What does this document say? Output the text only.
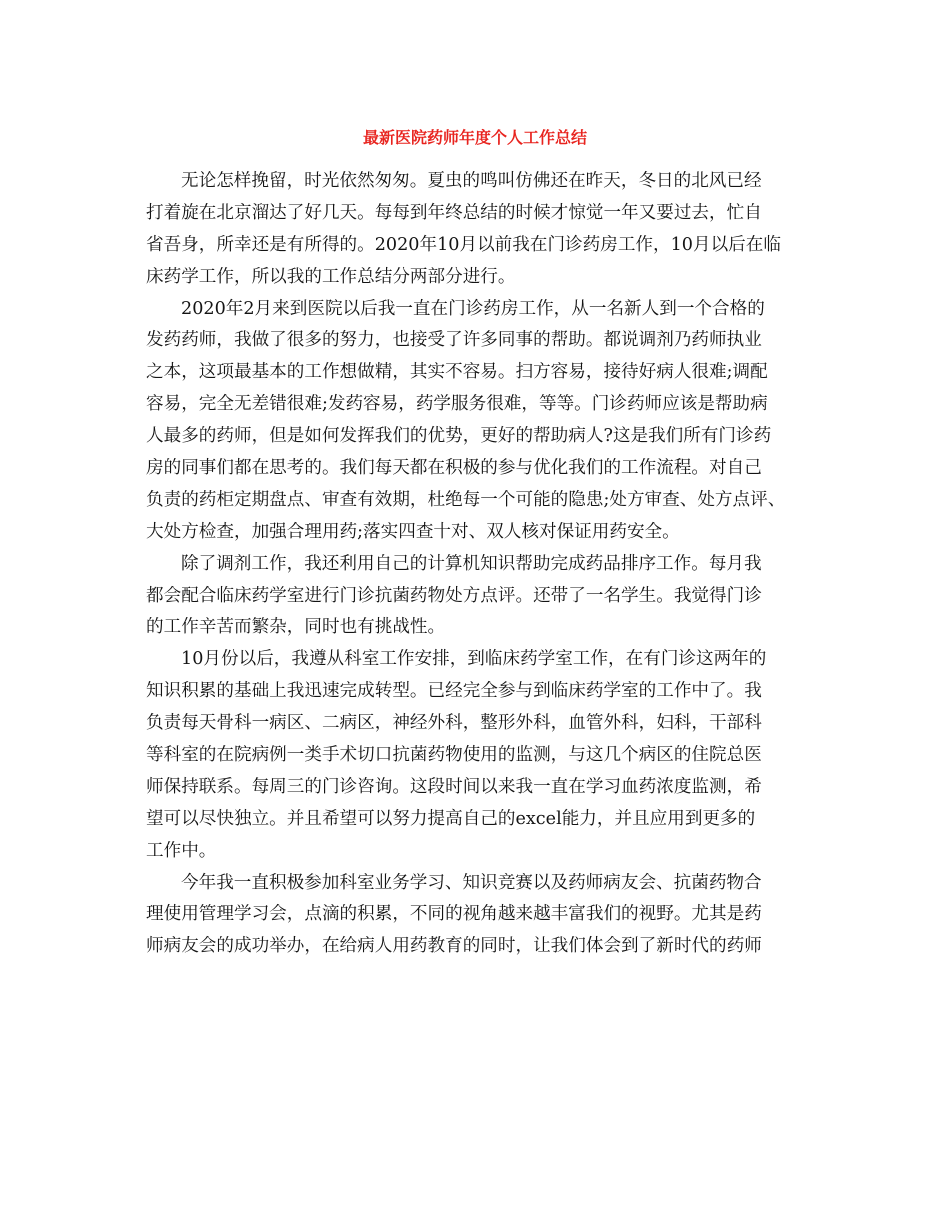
最新医院药师年度个人工作总结
无论怎样挽留，时光依然匆匆。夏虫的鸣叫仿佛还在昨天，冬日的北风已经
打着旋在北京溜达了好几天。每每到年终总结的时候才惊觉一年又要过去，忙自
省吾身，所幸还是有所得的。2020年10月以前我在门诊药房工作，10月以后在临
床药学工作，所以我的工作总结分两部分进行。
2020年2月来到医院以后我一直在门诊药房工作，从一名新人到一个合格的
发药药师，我做了很多的努力，也接受了许多同事的帮助。都说调剂乃药师执业
之本，这项最基本的工作想做精，其实不容易。扫方容易，接待好病人很难;调配
容易，完全无差错很难;发药容易，药学服务很难，等等。门诊药师应该是帮助病
人最多的药师，但是如何发挥我们的优势，更好的帮助病人?这是我们所有门诊药
房的同事们都在思考的。我们每天都在积极的参与优化我们的工作流程。对自己
负责的药柜定期盘点、审查有效期，杜绝每一个可能的隐患;处方审查、处方点评、
大处方检查，加强合理用药;落实四查十对、双人核对保证用药安全。
除了调剂工作，我还利用自己的计算机知识帮助完成药品排序工作。每月我
都会配合临床药学室进行门诊抗菌药物处方点评。还带了一名学生。我觉得门诊
的工作辛苦而繁杂，同时也有挑战性。
10月份以后，我遵从科室工作安排，到临床药学室工作，在有门诊这两年的
知识积累的基础上我迅速完成转型。已经完全参与到临床药学室的工作中了。我
负责每天骨科一病区、二病区，神经外科，整形外科，血管外科，妇科，干部科
等科室的在院病例一类手术切口抗菌药物使用的监测，与这几个病区的住院总医
师保持联系。每周三的门诊咨询。这段时间以来我一直在学习血药浓度监测，希
望可以尽快独立。并且希望可以努力提高自己的excel能力，并且应用到更多的
工作中。
今年我一直积极参加科室业务学习、知识竞赛以及药师病友会、抗菌药物合
理使用管理学习会，点滴的积累，不同的视角越来越丰富我们的视野。尤其是药
师病友会的成功举办，在给病人用药教育的同时，让我们体会到了新时代的药师
